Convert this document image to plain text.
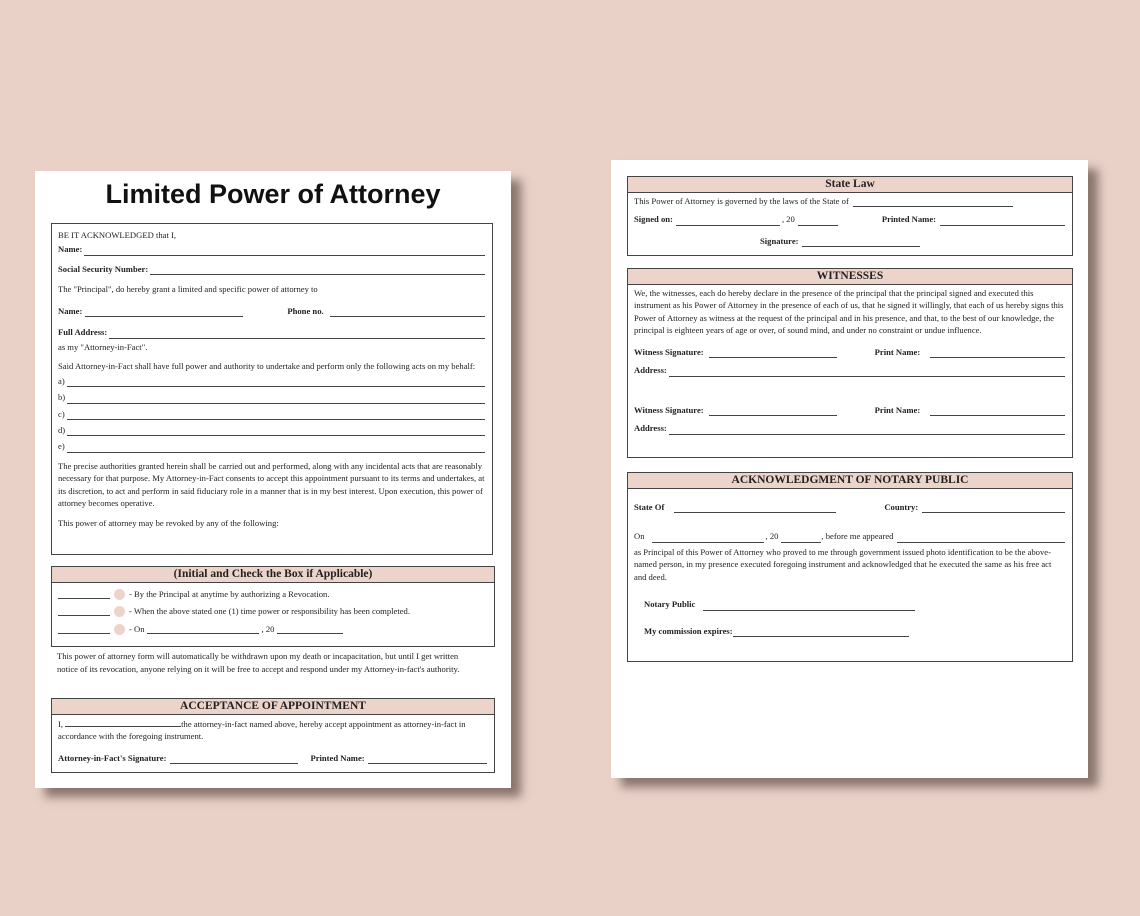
Limited Power of Attorney

BE IT ACKNOWLEDGED that I,

Name:
Social Security Number:

The "Principal", do hereby grant a limited and specific power of attorney to

Name:	Phone no.
Full Address:

as my "Attorney-in-Fact".

Said Attorney-in-Fact shall have full power and authority to undertake and perform only the following acts on my behalf:

a)
b)
c)
d)
e)

The precise authorities granted herein shall be carried out and performed, along with any incidental acts that are reasonably necessary for that purpose. My Attorney-in-Fact consents to accept this appointment pursuant to its terms and undertakes, at its discretion, to act and perform in said fiduciary role in a manner that is in my best interest. Upon execution, this power of attorney becomes operative.

This power of attorney may be revoked by any of the following:

(Initial and Check the Box if Applicable)
- By the Principal at anytime by authorizing a Revocation.
- When the above stated one (1) time power or responsibility has been completed.
- On	, 20

This power of attorney form will automatically be withdrawn upon my death or incapacitation, but until I get written notice of its revocation, anyone relying on it will be free to accept and respond under my Attorney-in-fact's authority.

ACCEPTANCE OF APPOINTMENT

I,	the attorney-in-fact named above, hereby accept appointment as attorney-in-fact in accordance with the foregoing instrument.

Attorney-in-Fact's Signature:	Printed Name:
State Law
This Power of Attorney is governed by the laws of the State of
Signed on:	, 20	Printed Name:
Signature:
WITNESSES

We, the witnesses, each do hereby declare in the presence of the principal that the principal signed and executed this instrument as his Power of Attorney in the presence of each of us, that he signed it willingly, that each of us hereby signs this Power of Attorney as witness at the request of the principal and in his presence, and that, to the best of our knowledge, the principal is eighteen years of age or over, of sound mind, and under no constraint or undue influence.

Witness Signature:	Print Name:
Address:
Witness Signature:	Print Name:
Address:
ACKNOWLEDGMENT OF NOTARY PUBLIC
State Of	Country:
On	, 20	, before me appeared

as Principal of this Power of Attorney who proved to me through government issued photo identification to be the above-named person, in my presence executed foregoing instrument and acknowledged that he executed the same as his free act and deed.

Notary Public
My commission expires:
